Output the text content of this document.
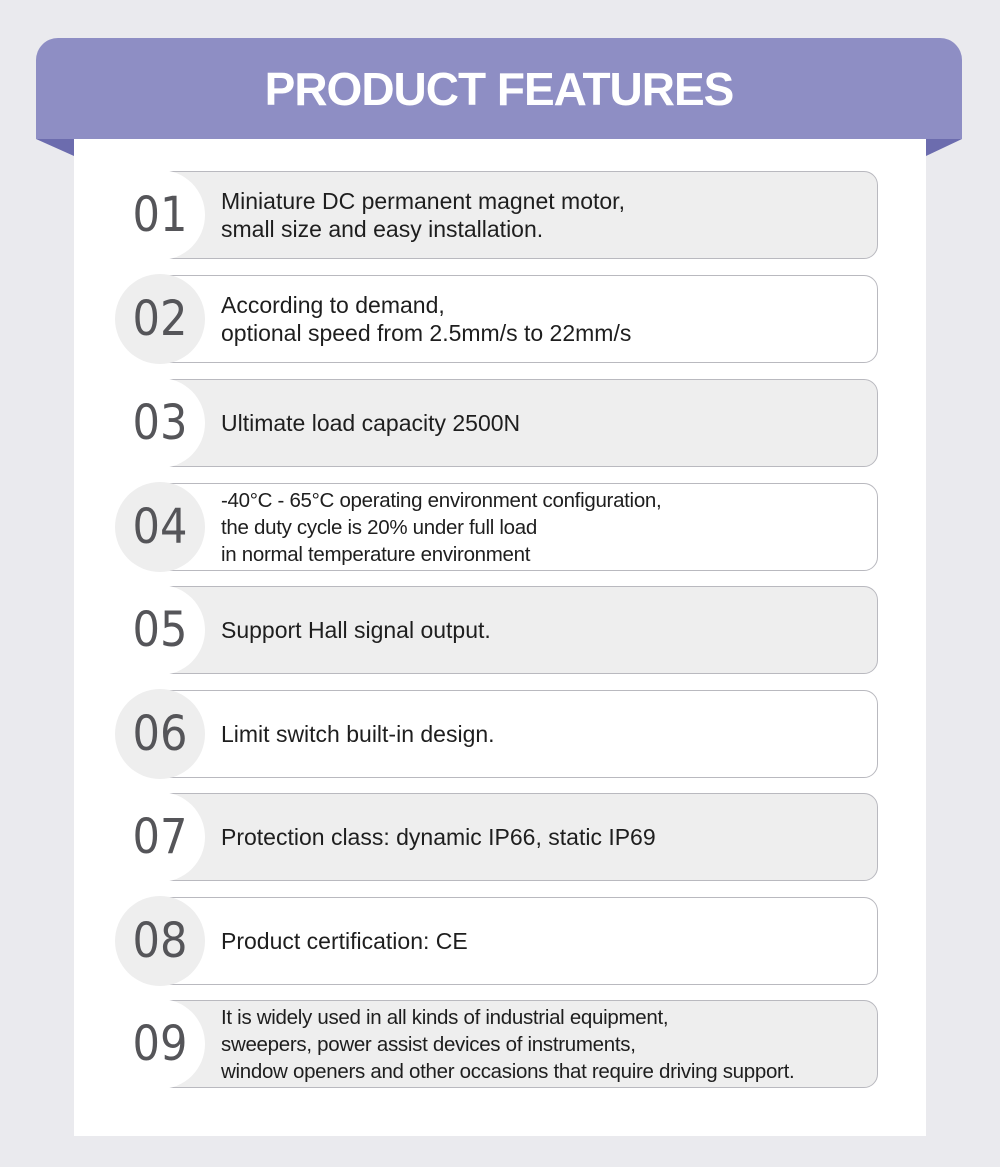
PRODUCT FEATURES
01	Miniature DC permanent magnet motor,
small size and easy installation.
02	According to demand,
optional speed from 2.5mm/s to 22mm/s
03	Ultimate load capacity 2500N
04	-40°C - 65°C operating environment configuration,
the duty cycle is 20% under full load
in normal temperature environment
05	Support Hall signal output.
06	Limit switch built-in design.
07	Protection class: dynamic IP66, static IP69
08	Product certification: CE
09	It is widely used in all kinds of industrial equipment,
sweepers, power assist devices of instruments,
window openers and other occasions that require driving support.
